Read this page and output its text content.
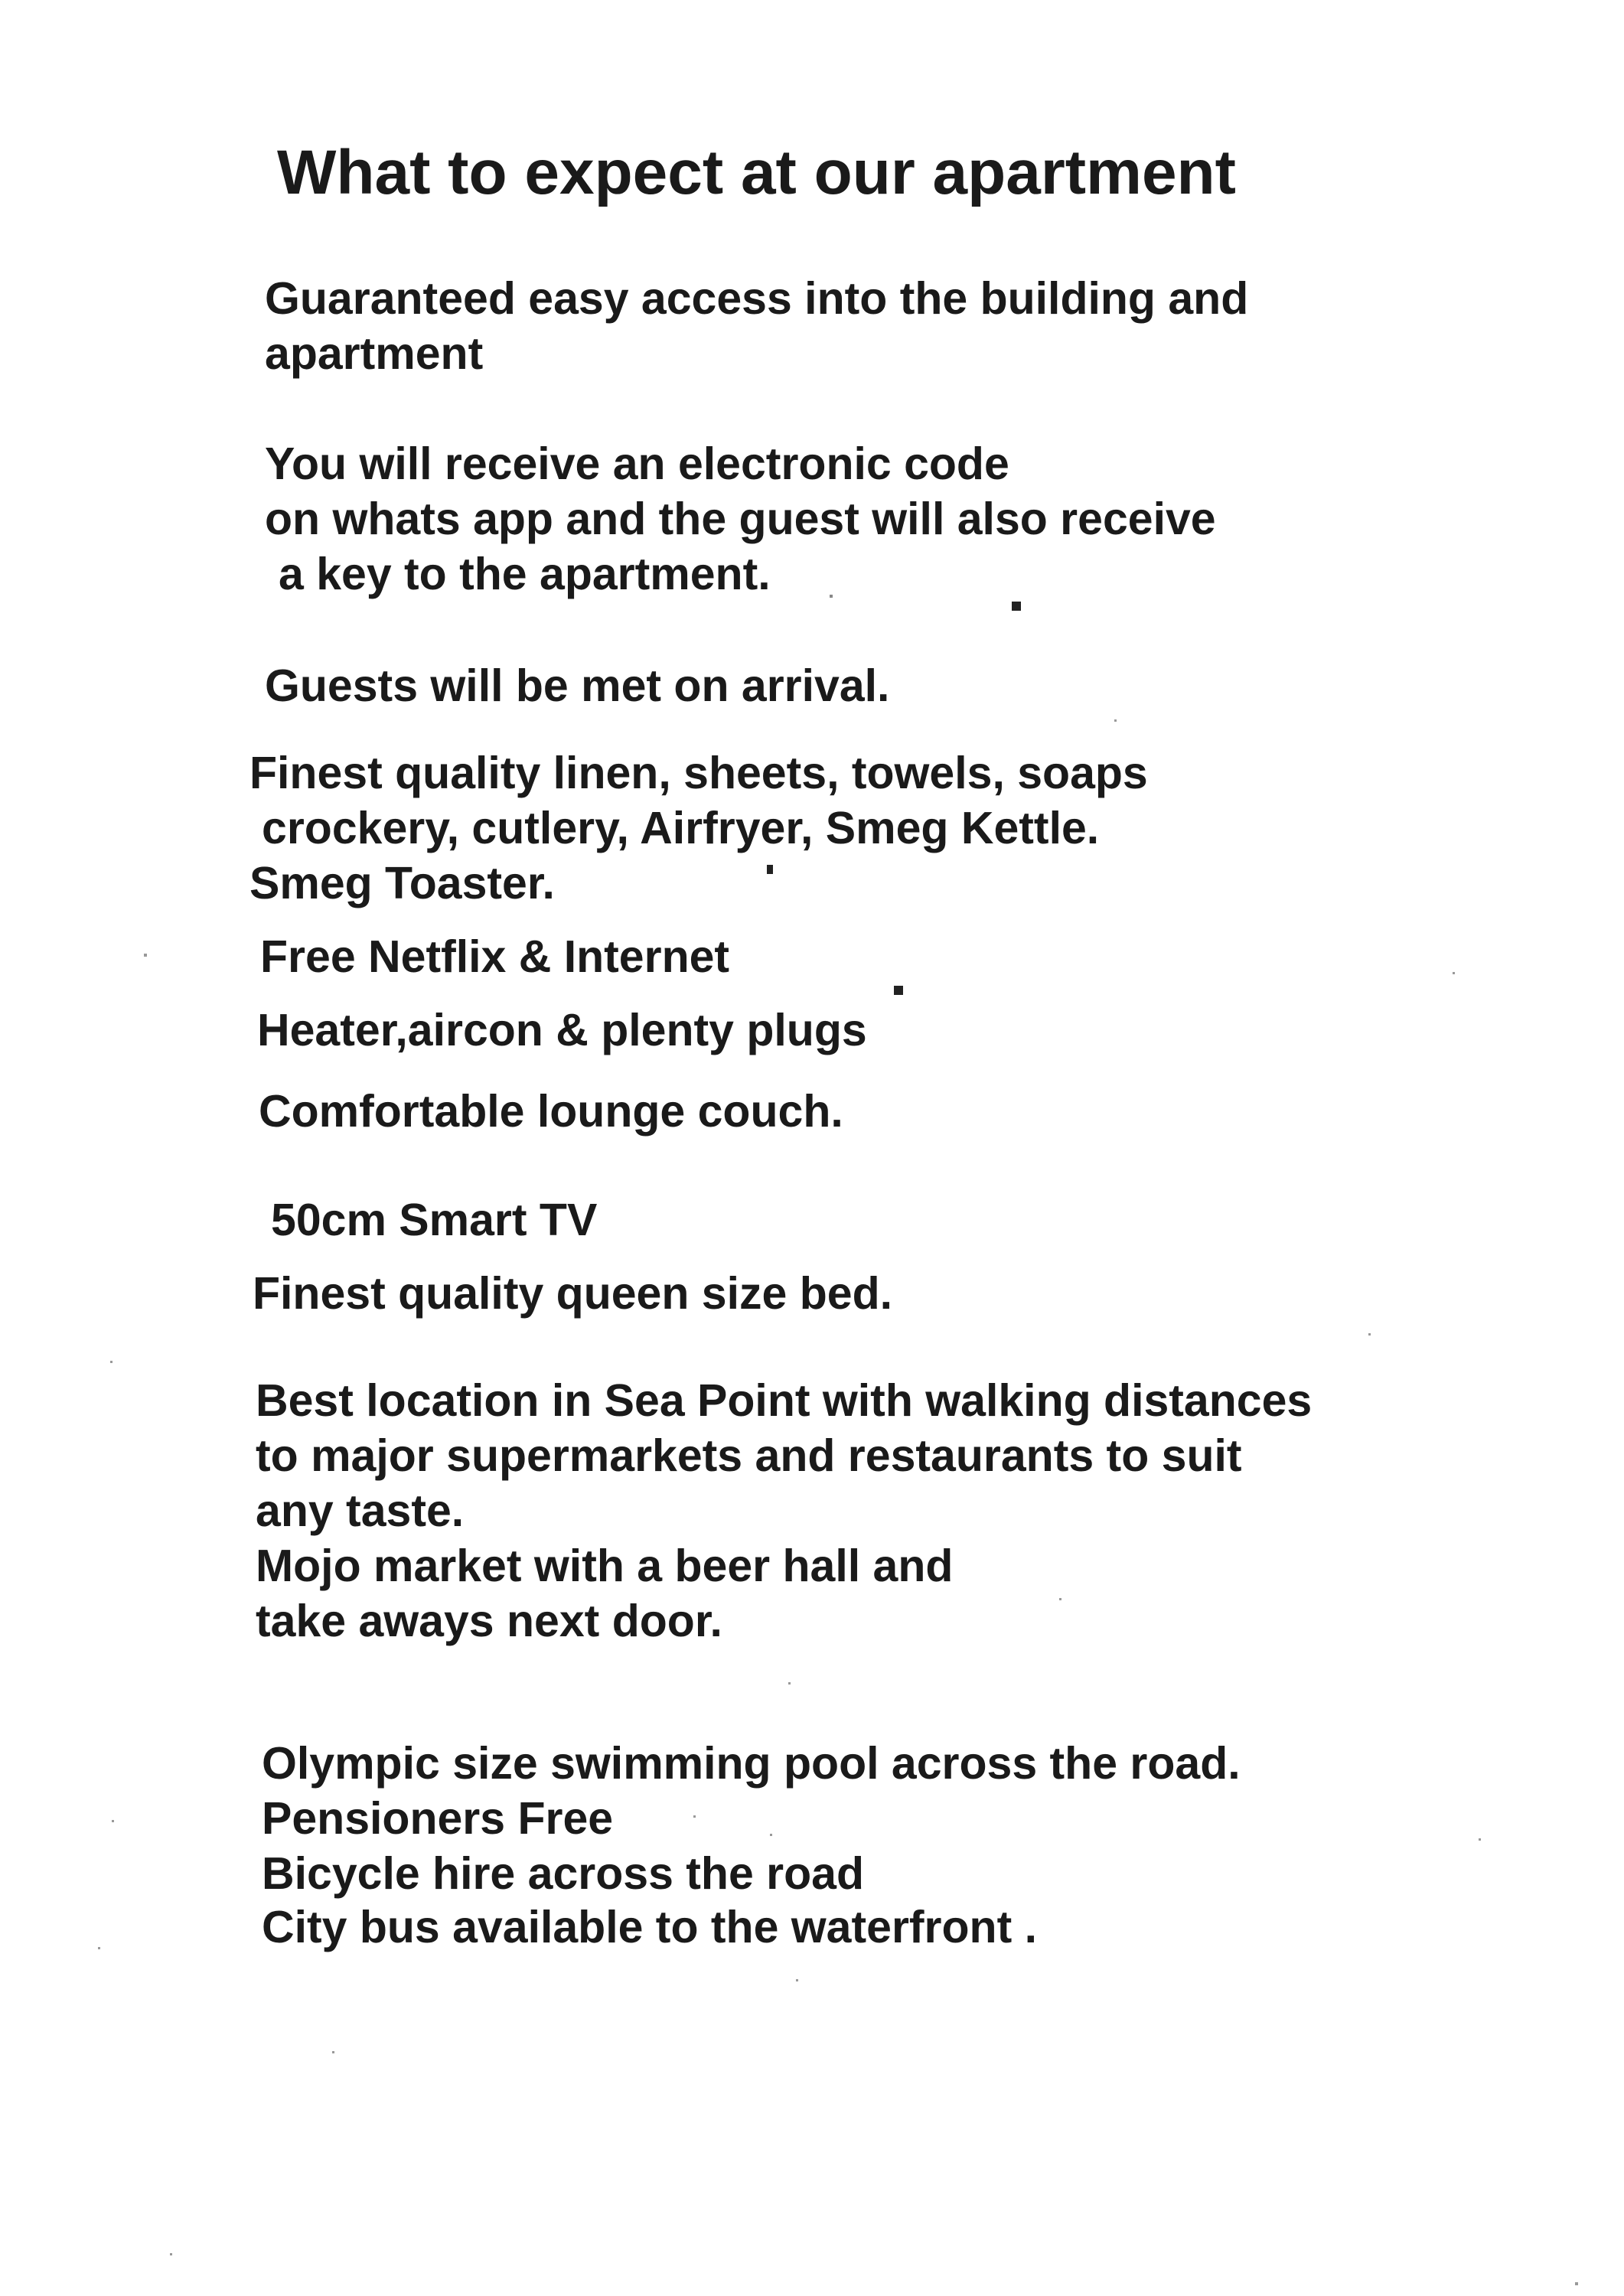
What to expect at our apartment

Guaranteed easy access into the building and

apartment

You will receive an electronic code

on whats app and the guest will also receive

a key to the apartment.

Guests will be met on arrival.

Finest quality linen, sheets, towels, soaps

crockery, cutlery, Airfryer, Smeg Kettle.

Smeg Toaster.

Free Netflix & Internet

Heater,aircon & plenty plugs

Comfortable lounge couch.

50cm Smart TV

Finest quality queen size bed.

Best location in Sea Point with walking distances

to major supermarkets and restaurants to suit

any taste.

Mojo market with a beer hall and

take aways next door.

Olympic size swimming pool across the road.

Pensioners Free

Bicycle hire across the road

City bus available to the waterfront .
